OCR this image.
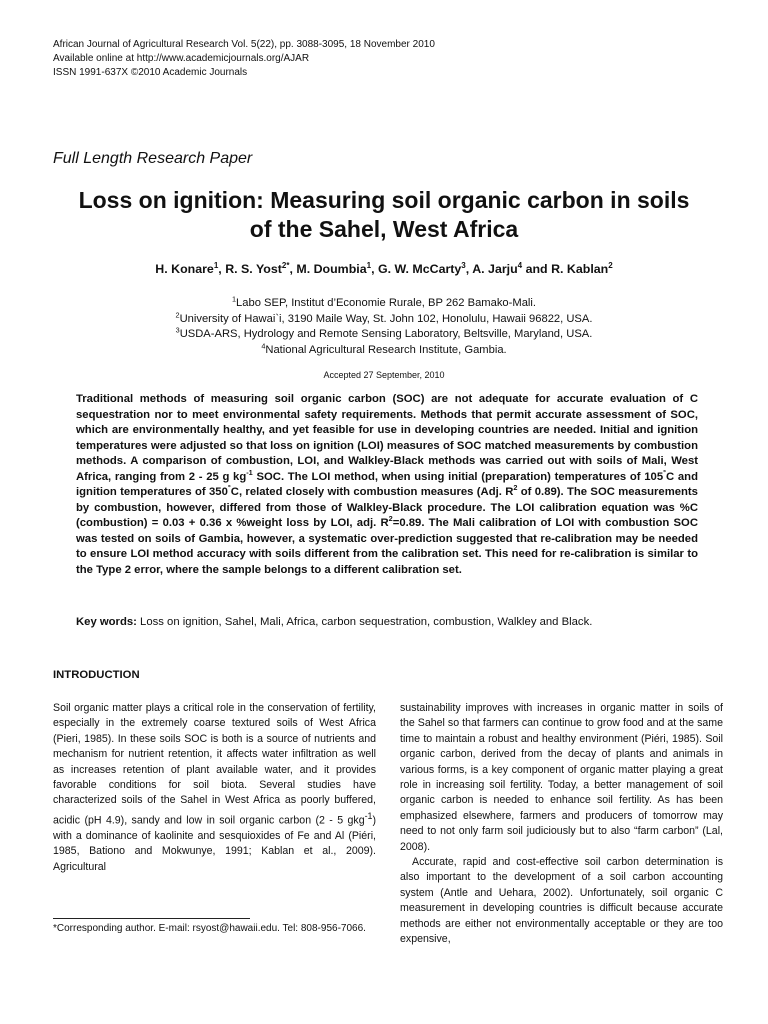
African Journal of Agricultural Research Vol. 5(22), pp. 3088-3095, 18 November 2010
Available online at http://www.academicjournals.org/AJAR
ISSN 1991-637X ©2010 Academic Journals
Full Length Research Paper
Loss on ignition: Measuring soil organic carbon in soils
of the Sahel, West Africa
H. Konare$^1$, R. S. Yost$^{2*}$, M. Doumbia$^1$, G. W. McCarty$^3$, A. Jarju$^4$ and R. Kablan$^2$
$^1$Labo SEP, Institut d’Economie Rurale, BP 262 Bamako-Mali.
$^2$University of Hawai`i, 3190 Maile Way, St. John 102, Honolulu, Hawaii 96822, USA.
$^3$USDA-ARS, Hydrology and Remote Sensing Laboratory, Beltsville, Maryland, USA.
$^4$National Agricultural Research Institute, Gambia.
Accepted 27 September, 2010
Traditional methods of measuring soil organic carbon (SOC) are not adequate for accurate evaluation of C sequestration nor to meet environmental safety requirements. Methods that permit accurate assessment of SOC, which are environmentally healthy, and yet feasible for use in developing countries are needed. Initial and ignition temperatures were adjusted so that loss on ignition (LOI) measures of SOC matched measurements by combustion methods. A comparison of combustion, LOI, and Walkley-Black methods was carried out with soils of Mali, West Africa, ranging from 2 - 25 g $kg^{-1}$ SOC. The LOI method, when using initial (preparation) temperatures of 105°C and ignition temperatures of 350°C, related closely with combustion measures (Adj. $R^2$ of 0.89). The SOC measurements by combustion, however, differed from those of Walkley-Black procedure. The LOI calibration equation was %C (combustion) = 0.03 + 0.36 x %weight loss by LOI, adj. $R^2=0.89$. The Mali calibration of LOI with combustion SOC was tested on soils of Gambia, however, a systematic over-prediction suggested that re-calibration may be needed to ensure LOI method accuracy with soils different from the calibration set. This need for re-calibration is similar to the Type 2 error, where the sample belongs to a different calibration set.
Key words: Loss on ignition, Sahel, Mali, Africa, carbon sequestration, combustion, Walkley and Black.
INTRODUCTION

Soil organic matter plays a critical role in the conservation of fertility, especially in the extremely coarse textured soils of West Africa (Pieri, 1985). In these soils SOC is both is a source of nutrients and mechanism for nutrient retention, it affects water infiltration as well as increases retention of plant available water, and it provides favorable conditions for soil biota. Several studies have characterized soils of the Sahel in West Africa as poorly buffered, acidic (pH 4.9), sandy and low in soil organic carbon (2 - 5 gkg$^{-1}$) with a dominance of kaolinite and sesquioxides of Fe and Al (Piéri, 1985, Bationo and Mokwunye, 1991; Kablan et al., 2009). Agricultural

sustainability improves with increases in organic matter in soils of the Sahel so that farmers can continue to grow food and at the same time to maintain a robust and healthy environment (Piéri, 1985). Soil organic carbon, derived from the decay of plants and animals in various forms, is a key component of organic matter playing a great role in increasing soil fertility. Today, a better management of soil organic carbon is needed to enhance soil fertility. As has been emphasized elsewhere, farmers and producers of tomorrow may need to not only farm soil judiciously but to also “farm carbon” (Lal, 2008).

Accurate, rapid and cost-effective soil carbon determination is also important to the development of a soil carbon accounting system (Antle and Uehara, 2002). Unfortunately, soil organic C measurement in developing countries is difficult because accurate methods are either not environmentally acceptable or they are too expensive,

*Corresponding author. E-mail: rsyost@hawaii.edu. Tel: 808-956-7066.
